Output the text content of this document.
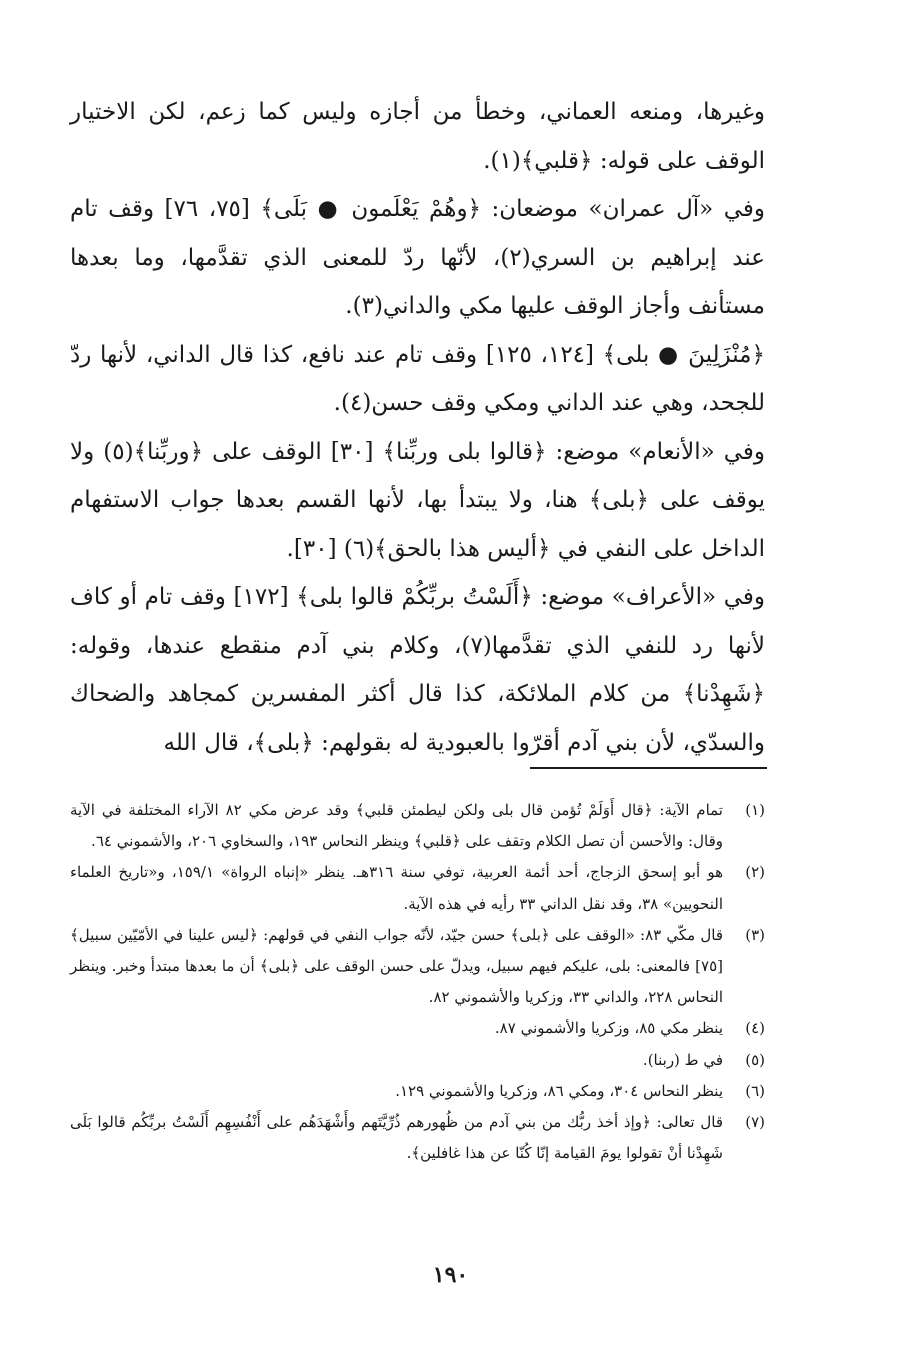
وغيرها، ومنعه العماني، وخطأ من أجازه وليس كما زعم، لكن الاختيار الوقف على قوله: ﴿قلبي﴾(١).

وفي «آل عمران» موضعان: ﴿وهُمْ يَعْلَمون ● بَلَى﴾ [٧٥، ٧٦] وقف تام عند إبراهيم بن السري(٢)، لأنّها ردّ للمعنى الذي تقدَّمها، وما بعدها مستأنف وأجاز الوقف عليها مكي والداني(٣).

﴿مُنْزَلِينَ ● بلى﴾ [١٢٤، ١٢٥] وقف تام عند نافع، كذا قال الداني، لأنها ردّ للجحد، وهي عند الداني ومكي وقف حسن(٤).

وفي «الأنعام» موضع: ﴿قالوا بلى وربِّنا﴾ [٣٠] الوقف على ﴿وربِّنا﴾(٥) ولا يوقف على ﴿بلى﴾ هنا، ولا يبتدأ بها، لأنها القسم بعدها جواب الاستفهام الداخل على النفي في ﴿أليس هذا بالحق﴾(٦) [٣٠].

وفي «الأعراف» موضع: ﴿أَلَسْتُ بربِّكُمْ قالوا بلى﴾ [١٧٢] وقف تام أو كاف لأنها رد للنفي الذي تقدَّمها(٧)، وكلام بني آدم منقطع عندها، وقوله: ﴿شَهِدْنا﴾ من كلام الملائكة، كذا قال أكثر المفسرين كمجاهد والضحاك والسدّي، لأن بني آدم أقرّوا بالعبودية له بقولهم: ﴿بلى﴾، قال الله

(١)
تمام الآية: ﴿قال أَوَلَمْ تُؤمن قال بلى ولكن ليطمئن قلبي﴾ وقد عرض مكي ٨٢ الآراء المختلفة في الآية وقال: والأحسن أن تصل الكلام وتقف على ﴿قلبي﴾ وينظر النحاس ١٩٣، والسخاوي ٢٠٦، والأشموني ٦٤.
(٢)
هو أبو إسحق الزجاج، أحد أئمة العربية، توفي سنة ٣١٦هـ. ينظر «إنباه الرواة» ١٥٩/١، و«تاريخ العلماء النحويين» ٣٨، وقد نقل الداني ٣٣ رأيه في هذه الآية.
(٣)
قال مكّي ٨٣: «الوقف على ﴿بلى﴾ حسن جيّد، لأنّه جواب النفي في قولهم: ﴿ليس علينا في الأمّيّين سبيل﴾ [٧٥] فالمعنى: بلى، عليكم فيهم سبيل، ويدلّ على حسن الوقف على ﴿بلى﴾ أن ما بعدها مبتدأ وخبر. وينظر النحاس ٢٢٨، والداني ٣٣، وزكريا والأشموني ٨٢.
(٤)
ينظر مكي ٨٥، وزكريا والأشموني ٨٧.
(٥)
في ط (ربنا).
(٦)
ينظر النحاس ٣٠٤، ومكي ٨٦، وزكريا والأشموني ١٢٩.
(٧)
قال تعالى: ﴿وإذ أخذ ربُّك من بني آدم من ظُهورهم ذُرِّيَّتَهم وأَشْهَدَهُم على أَنْفُسِهِم أَلَسْتُ بربِّكُم قالوا بَلَى شَهِدْنا أنْ تقولوا يومَ القيامة إنّا كُنّا عن هذا غافلين﴾.
١٩٠
